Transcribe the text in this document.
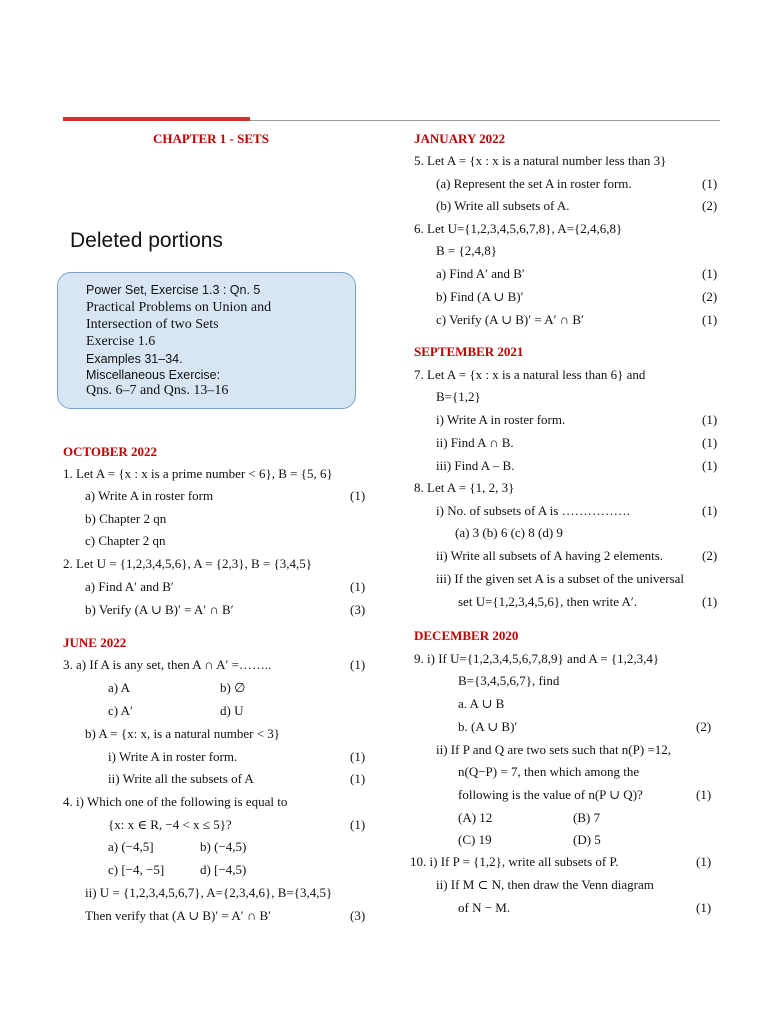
CHAPTER 1 - SETS
Deleted portions
Power Set, Exercise 1.3 : Qn. 5
Practical Problems on Union and
Intersection of two Sets
Exercise 1.6
Examples 31–34.
Miscellaneous Exercise:
Qns. 6–7 and Qns. 13–16
OCTOBER 2022
1. Let A = {x : x is a prime number < 6}, B = {5, 6}
a) Write A in roster form	(1)
b) Chapter 2 qn
c) Chapter 2 qn
2. Let U = {1,2,3,4,5,6}, A = {2,3}, B = {3,4,5}
a) Find A′ and B′	(1)
b) Verify (A ∪ B)′ = A′ ∩ B′	(3)
JUNE 2022
3. a) If A is any set, then A ∩ A′ =……..	(1)
a) A	b) ∅
c) A′	d) U
b) A = {x: x, is a natural number < 3}
i) Write A in roster form.	(1)
ii) Write all the subsets of A	(1)
4. i) Which one of the following is equal to
{x: x ∈ R, −4 < x ≤ 5}?	(1)
a) (−4,5]	b) (−4,5)
c) [−4, −5]	d) [−4,5)
ii) U = {1,2,3,4,5,6,7}, A={2,3,4,6}, B={3,4,5}
Then verify that (A ∪ B)′ = A′ ∩ B′	(3)
JANUARY 2022
5. Let A = {x : x is a natural number less than 3}
(a) Represent the set A in roster form.	(1)
(b) Write all subsets of A.	(2)
6. Let U={1,2,3,4,5,6,7,8}, A={2,4,6,8}
B = {2,4,8}
a) Find A′ and B′	(1)
b) Find (A ∪ B)′	(2)
c) Verify (A ∪ B)′ = A′ ∩ B′	(1)
SEPTEMBER 2021
7. Let A = {x : x is a natural less than 6} and
B={1,2}
i) Write A in roster form.	(1)
ii) Find A ∩ B.	(1)
iii) Find A – B.	(1)
8. Let A = {1, 2, 3}
i) No. of subsets of A is …………….	(1)
(a) 3 (b) 6 (c) 8 (d) 9
ii) Write all subsets of A having 2 elements.	(2)
iii) If the given set A is a subset of the universal
set U={1,2,3,4,5,6}, then write A′.	(1)
DECEMBER 2020
9. i) If U={1,2,3,4,5,6,7,8,9} and A = {1,2,3,4}
B={3,4,5,6,7}, find
a. A ∪ B
b. (A ∪ B)′	(2)
ii) If P and Q are two sets such that n(P) =12,
n(Q−P) = 7, then which among the
following is the value of n(P ∪ Q)?	(1)
(A) 12	(B) 7
(C) 19	(D) 5
10. i) If P = {1,2}, write all subsets of P.	(1)
ii) If M ⊂ N, then draw the Venn diagram
of N − M.	(1)
